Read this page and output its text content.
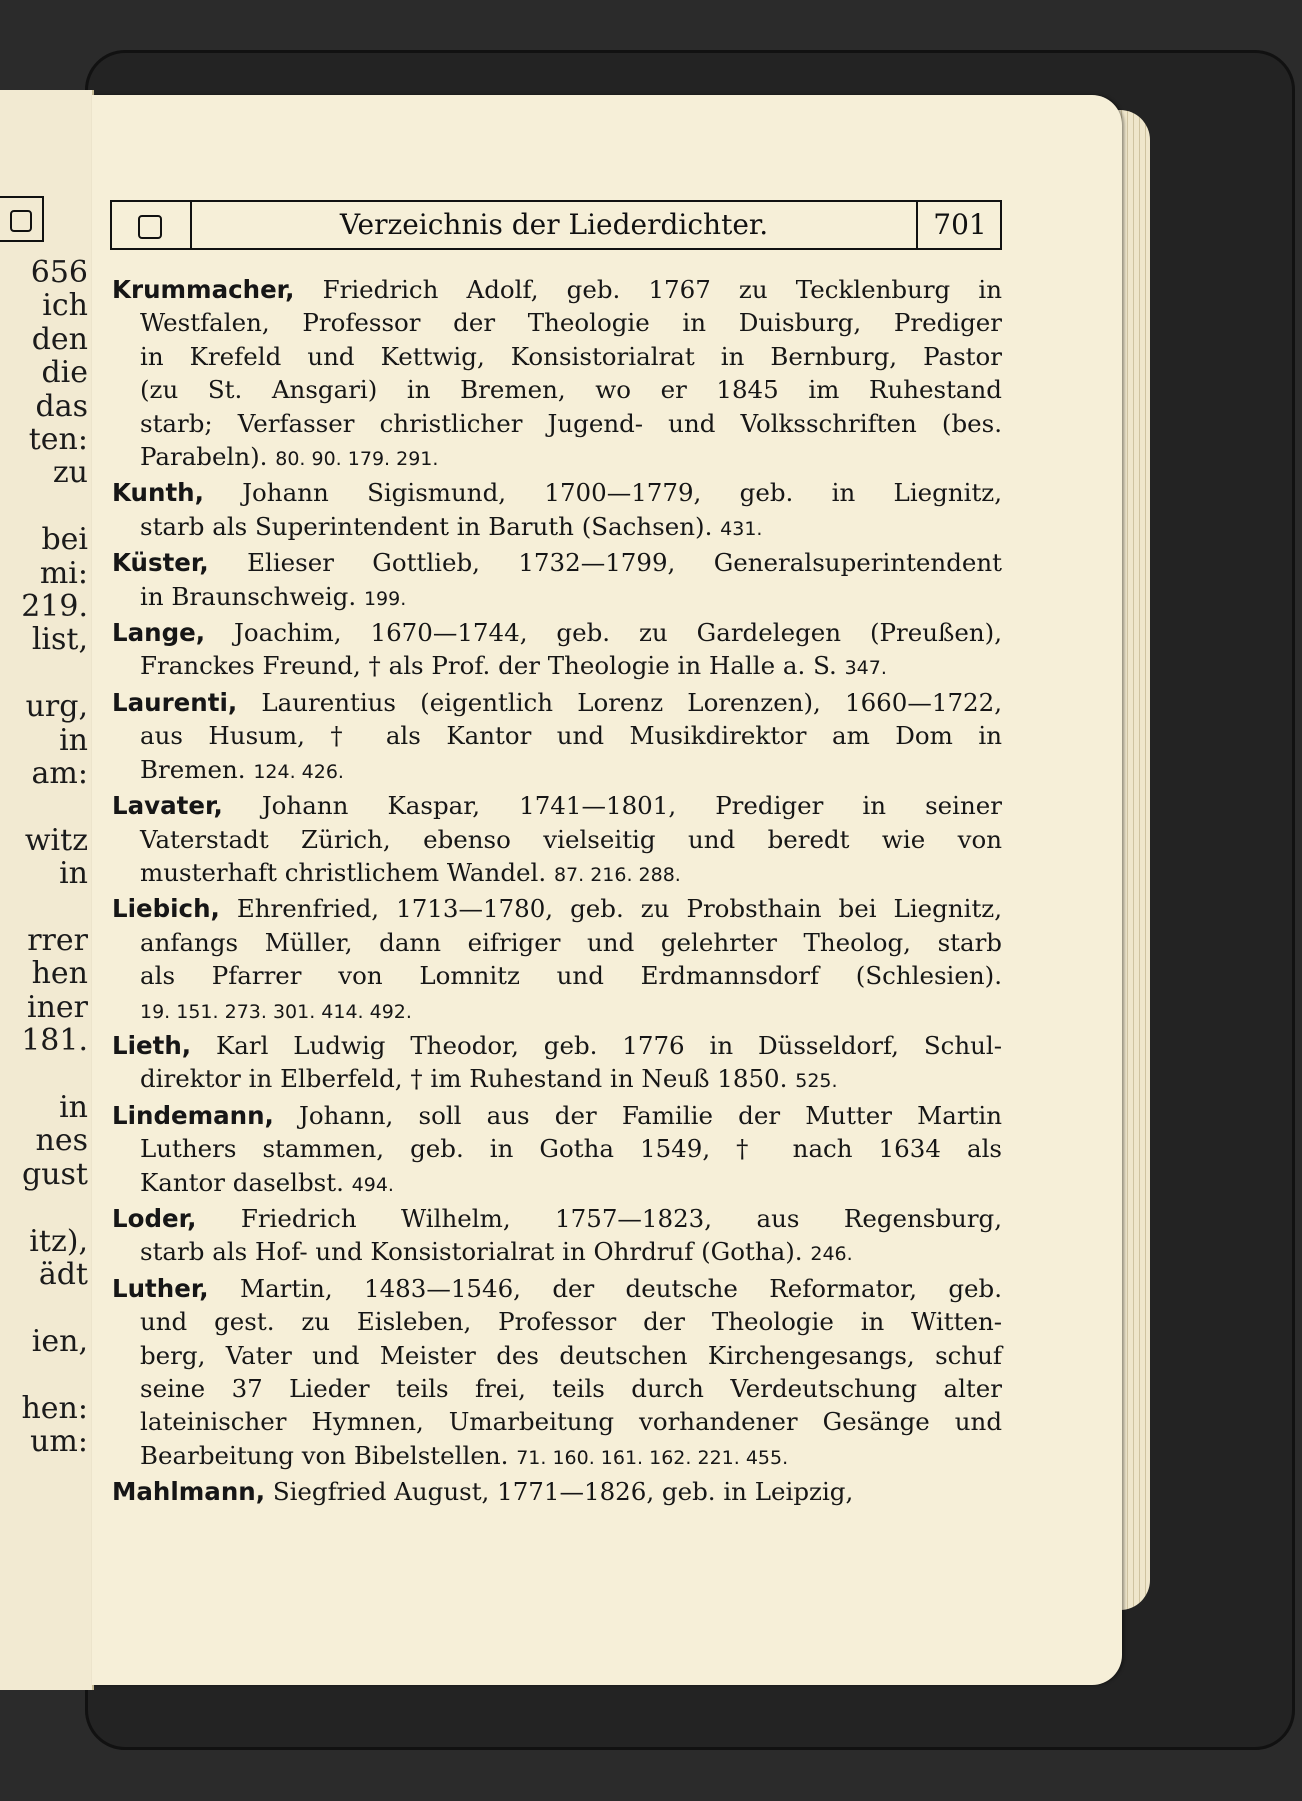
656
ich
den
die
das
ten:
zu
bei
mi:
219.
list,
urg,
in
am:
witz
in
rrer
hen
iner
181.
in
nes
gust
itz),
ädt
ien,
hen:
um:
Verzeichnis der Liederdichter.	701
Krummacher, Friedrich Adolf, geb. 1767 zu Tecklenburg in
Westfalen, Professor der Theologie in Duisburg, Prediger
in Krefeld und Kettwig, Konsistorialrat in Bernburg, Pastor
(zu St. Ansgari) in Bremen, wo er 1845 im Ruhestand
starb; Verfasser christlicher Jugend- und Volksschriften (bes.
Parabeln). 80. 90. 179. 291.
Kunth, Johann Sigismund, 1700—1779, geb. in Liegnitz,
starb als Superintendent in Baruth (Sachsen). 431.
Küster, Elieser Gottlieb, 1732—1799, Generalsuperintendent
in Braunschweig. 199.
Lange, Joachim, 1670—1744, geb. zu Gardelegen (Preußen),
Franckes Freund, † als Prof. der Theologie in Halle a. S. 347.
Laurenti, Laurentius (eigentlich Lorenz Lorenzen), 1660—1722,
aus Husum, † als Kantor und Musikdirektor am Dom in
Bremen. 124. 426.
Lavater, Johann Kaspar, 1741—1801, Prediger in seiner
Vaterstadt Zürich, ebenso vielseitig und beredt wie von
musterhaft christlichem Wandel. 87. 216. 288.
Liebich, Ehrenfried, 1713—1780, geb. zu Probsthain bei Liegnitz,
anfangs Müller, dann eifriger und gelehrter Theolog, starb
als Pfarrer von Lomnitz und Erdmannsdorf (Schlesien).
19. 151. 273. 301. 414. 492.
Lieth, Karl Ludwig Theodor, geb. 1776 in Düsseldorf, Schul-
direktor in Elberfeld, † im Ruhestand in Neuß 1850. 525.
Lindemann, Johann, soll aus der Familie der Mutter Martin
Luthers stammen, geb. in Gotha 1549, † nach 1634 als
Kantor daselbst. 494.
Loder, Friedrich Wilhelm, 1757—1823, aus Regensburg,
starb als Hof- und Konsistorialrat in Ohrdruf (Gotha). 246.
Luther, Martin, 1483—1546, der deutsche Reformator, geb.
und gest. zu Eisleben, Professor der Theologie in Witten-
berg, Vater und Meister des deutschen Kirchengesangs, schuf
seine 37 Lieder teils frei, teils durch Verdeutschung alter
lateinischer Hymnen, Umarbeitung vorhandener Gesänge und
Bearbeitung von Bibelstellen. 71. 160. 161. 162. 221. 455.
Mahlmann, Siegfried August, 1771—1826, geb. in Leipzig,
